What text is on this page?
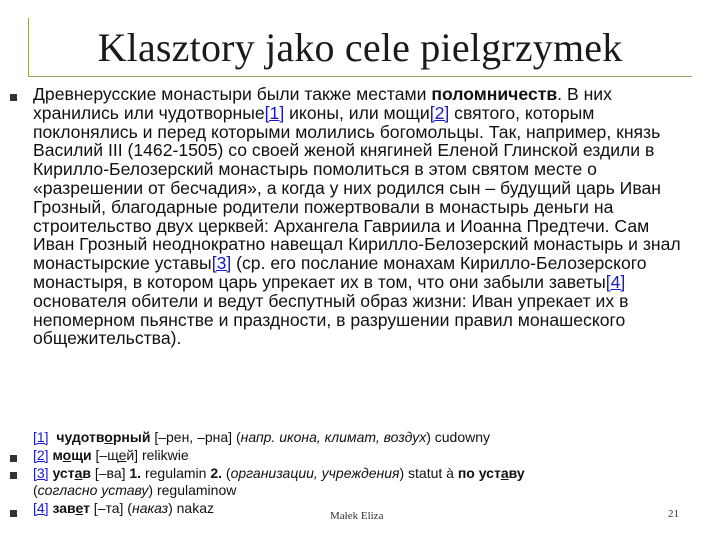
Klasztory jako cele pielgrzymek
Древнерусские монастыри были также местами поломничеств. В них хранились или чудотворные[1] иконы, или мощи[2] святого, которым поклонялись и перед которыми молились богомольцы. Так, например, князь Василий III (1462-1505) со своей женой княгиней Еленой Глинской ездили в Кирилло-Белозерский монастырь помолиться в этом святом месте о «разрешении от бесчадия», а когда у них родился сын – будущий царь Иван Грозный, благодарные родители пожертвовали в монастырь деньги на строительство двух церквей: Архангела Гавриила и Иоанна Предтечи. Сам Иван Грозный неоднократно навещал Кирилло-Белозерский монастырь и знал монастырские уставы[3] (ср. его послание монахам Кирилло-Белозерского монастыря, в котором царь упрекает их в том, что они забыли заветы[4] основателя обители и ведут беспутный образ жизни: Иван упрекает их в непомерном пьянстве и праздности, в разрушении правил монашеского общежительства).
[1] чудотворный [–рен, –рна] (напр. икона, климат, воздух) cudowny
[2] мощи [–щей] relikwie
[3] устав [–ва] 1. regulamin 2. (организации, учреждения) statut à по уставу
(согласно уставу) regulaminow
[4] завет [–та] (наказ) nakaz	Małek Eliza	21
